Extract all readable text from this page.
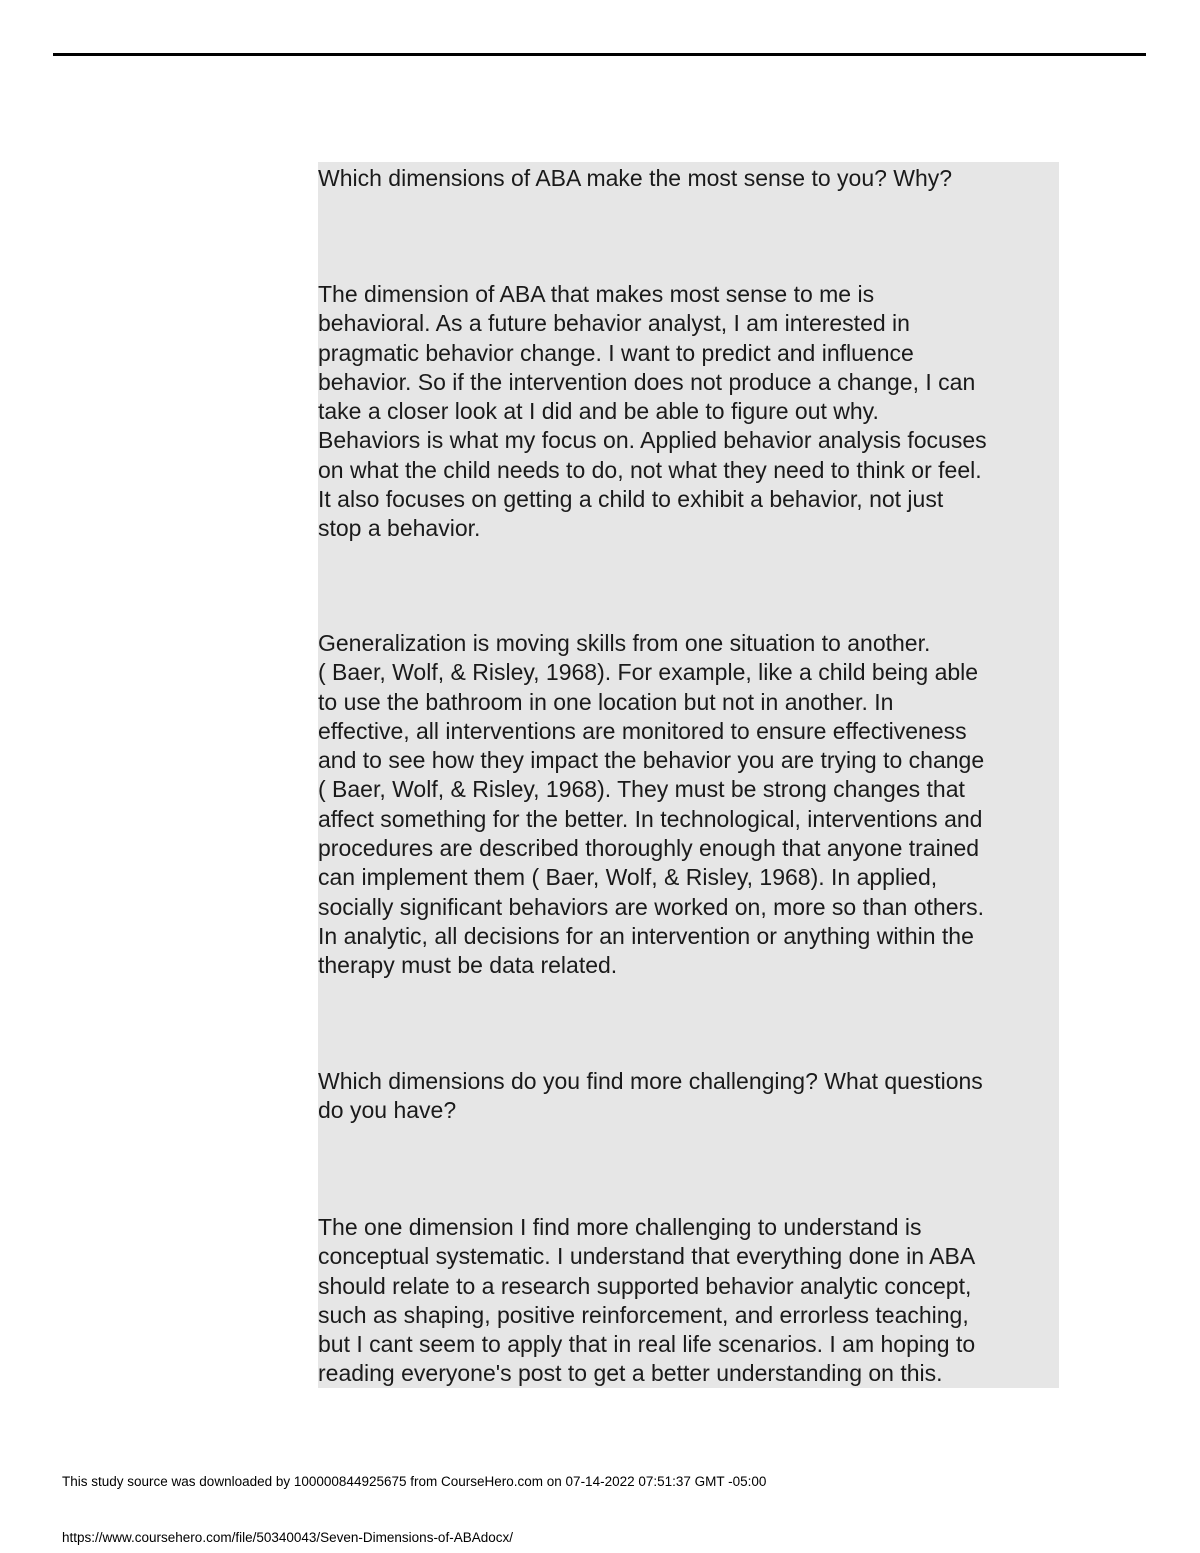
Which dimensions of ABA make the most sense to you? Why?

The dimension of ABA that makes most sense to me is
behavioral. As a future behavior analyst, I am interested in
pragmatic behavior change. I want to predict and influence
behavior. So if the intervention does not produce a change, I can
take a closer look at I did and be able to figure out why.
Behaviors is what my focus on. Applied behavior analysis focuses
on what the child needs to do, not what they need to think or feel.
It also focuses on getting a child to exhibit a behavior, not just
stop a behavior.

Generalization is moving skills from one situation to another.
( Baer, Wolf, & Risley, 1968). For example, like a child being able
to use the bathroom in one location but not in another. In
effective, all interventions are monitored to ensure effectiveness
and to see how they impact the behavior you are trying to change
( Baer, Wolf, & Risley, 1968). They must be strong changes that
affect something for the better. In technological, interventions and
procedures are described thoroughly enough that anyone trained
can implement them ( Baer, Wolf, & Risley, 1968). In applied,
socially significant behaviors are worked on, more so than others.
In analytic, all decisions for an intervention or anything within the
therapy must be data related.

Which dimensions do you find more challenging? What questions
do you have?

The one dimension I find more challenging to understand is
conceptual systematic. I understand that everything done in ABA
should relate to a research supported behavior analytic concept,
such as shaping, positive reinforcement, and errorless teaching,
but I cant seem to apply that in real life scenarios. I am hoping to
reading everyone's post to get a better understanding on this.

This study source was downloaded by 100000844925675 from CourseHero.com on 07-14-2022 07:51:37 GMT -05:00
https://www.coursehero.com/file/50340043/Seven-Dimensions-of-ABAdocx/
